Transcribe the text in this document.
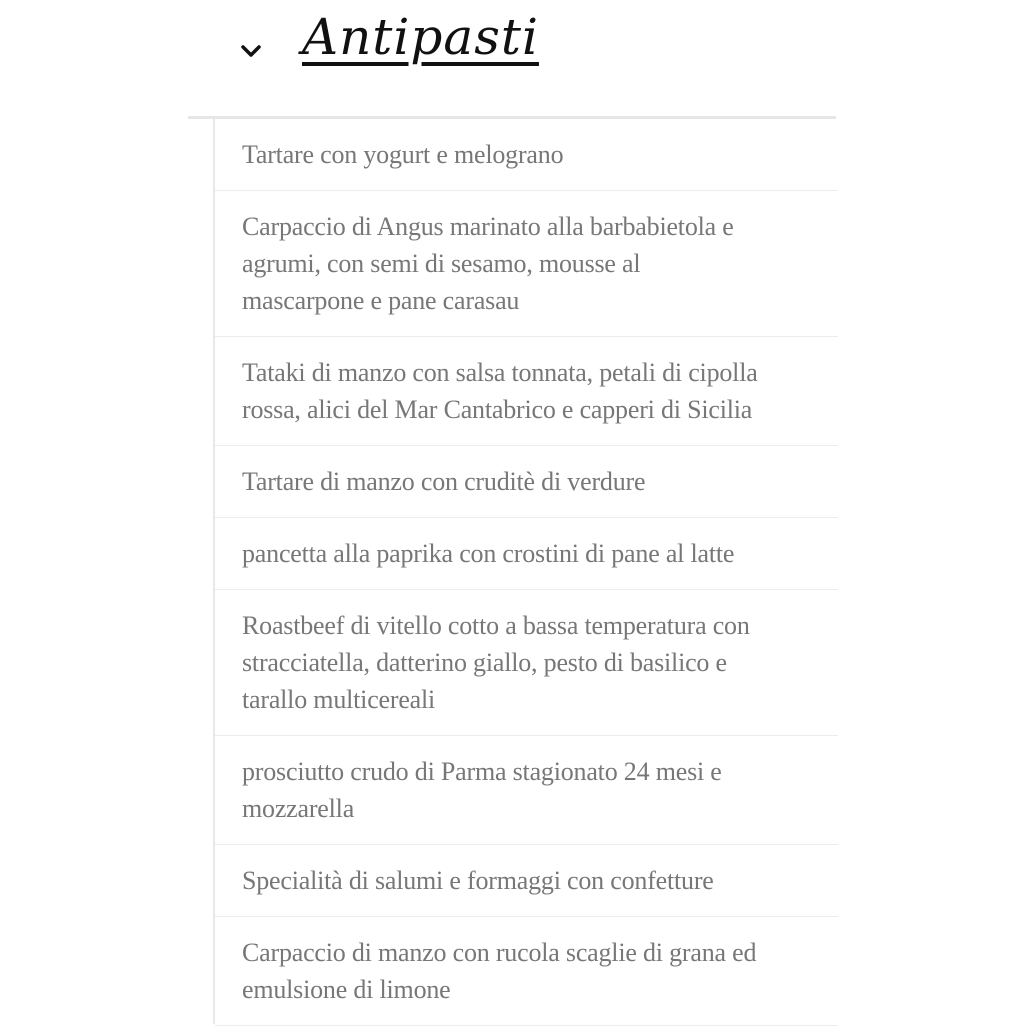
Antipasti
Tartare con yogurt e melograno
Carpaccio di Angus marinato alla barbabietola e
agrumi, con semi di sesamo, mousse al
mascarpone e pane carasau
Tataki di manzo con salsa tonnata, petali di cipolla
rossa, alici del Mar Cantabrico e capperi di Sicilia
Tartare di manzo con cruditè di verdure
pancetta alla paprika con crostini di pane al latte
Roastbeef di vitello cotto a bassa temperatura con
stracciatella, datterino giallo, pesto di basilico e
tarallo multicereali
prosciutto crudo di Parma stagionato 24 mesi e
mozzarella
Specialità di salumi e formaggi con confetture
Carpaccio di manzo con rucola scaglie di grana ed
emulsione di limone
